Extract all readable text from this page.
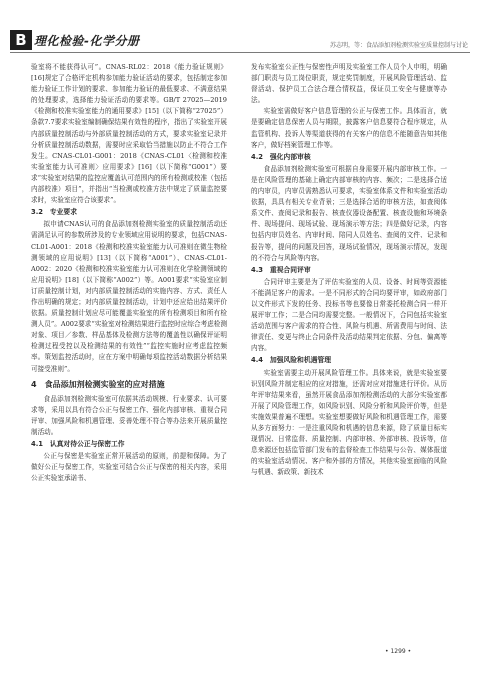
B 理化检验-化学分册	苏志明，等：食品添加剂检测实验室质量控制与讨论

验室将不能获得认可”。CNAS-RL02：2018《能力验证规则》[16]规定了合格评定机构参加能力验证活动的要求，包括制定参加能力验证工作计划的要求、参加能力验证的最低要求、不满意结果的处理要求，选择能力验证活动的要求等。GB/T 27025—2019《检测和校准实验室能力的通用要求》[15]（以下简称“27025”）条款7.7要求实验室编制确保结果有效性的程序，指出了实验室开展内部质量控制活动与外部质量控制活动的方式，要求实验室记录并分析质量控制活动数据，需要时应采取恰当措施以防止不符合工作发生。CNAS-CL01-G001：2018《CNAS-CL01〈检测和校准实验室能力认可准则〉应用要求》[16]（以下简称“G001”）要求“实验室对结果的监控应覆盖认可范围内的所有检测或校准（包括内部校准）项目”，并指出“当检测或校准方法中规定了质量监控要求时，实验室应符合该要求”。

3.2　专业要求

拟申请CNAS认可的食品添加剂检测实验室的质量控制活动还需满足认可的参数所涉及的专业领域应用说明的要求，包括CNAS-CL01-A001：2018《检测和校准实验室能力认可准则在微生物检测领域的应用说明》[13]（以下简称“A001”）、CNAS-CL01-A002：2020《检测和校准实验室能力认可准则在化学检测领域的应用说明》[18]（以下简称“A002”）等。A001要求“实验室应制订质量控制计划，对内部质量控制活动的实施内容、方式、责任人作出明确的规定；对内部质量控制活动，计划中还应给出结果评价依据。质量控制计划应尽可能覆盖实验室的所有检测项目和所有检测人员”。A002要求“实验室对检测结果进行监控时应综合考虑检测对象、项目／参数、样品基体及检测方法等的覆盖性以确保评证明检测过程受控以及检测结果的有效性”“监控实施时应考虑监控频率。策划监控活动时，应在方案中明确每项监控活动数据分析结果可接受准则”。

4　食品添加剂检测实验室的应对措施

食品添加剂检测实验室可依据其活动规模、行业要求、认可要求等，采用以具有符合公正与保密工作、强化内部审核、重视合同评审、加强风险和机遇管理、妥善处理不符合等办法来开展质量控制活动。

4.1　认真对待公正与保密工作

公正与保密是实验室正常开展活动的原则，前提和保障。为了做好公正与保密工作，实验室可结合公正与保密的相关内容，采用公正实验室承诺书、

发布实验室公正性与保密性声明及实验室工作人员个人申明，明确部门职责与员工岗位职责，规定奖罚制度，开展风险管理活动、监督活动、保护员工合法合理合情权益，保证员工安全与健康等办法。

实验室需做好客户信息管理的公正与保密工作。具体而言，就是要确定信息保密人员与期限，披露客户信息要符合程序规定，从监管机构、投诉人等渠道获得的有关客户的信息不能随意告知其他客户，做好档案管理工作等。

4.2　强化内部审核

食品添加剂检测实验室可根据自身需要开展内部审核工作。一是在风险管理的基础上确定内部审核的内容、频次；二是选择合适的内审员，内审员需熟悉认可要求，实验室体系文件和实验室活动依据，具具有相关专业背景；三是选择合适的审核方法，如查阅体系文件、查阅记录和报告、核查仪器设备配置、核查设施和环境条件、现场提问、现场试验、现场演示等方法；四是做好记录，内容包括内审员姓名、内审时间、陪同人员姓名、查阅的文件、记录和报告等，提问的问题及回答，现场试验情况，现场演示情况，发现的不符合与风险等内容。

4.3　重视合同评审

合同评审主要是为了评估实验室的人员、设备、时间等资源能不能满足客户的需求。一是不同形式的合同均要评审，如政府部门以文件形式下发的任务、投标书等也要像日常委托检测合同一样开展评审工作；二是合同均需要完整。一般情况下，合同包括实验室活动范围与客户需求的符合性、风险与机遇、所需费用与时间、法律责任、变更与终止合同条件及活动结果判定依据、分包、偏离等内容。

4.4　加强风险和机遇管理

实验室需要主动开展风险管理工作。具体来说，就是实验室要识别风险并制定相应的应对措施，还需对应对措施进行评价。从历年评审结果来看，虽然开展食品添加剂检测活动的大部分实验室都开展了风险管理工作，如风险识别、风险分析和风险评价等，但是实施效果普遍不理想。实验室想要做好风险和机遇管理工作，需要从多方面努力：一是注重风险和机遇的信息来源，除了质量目标实现情况、日常监督、质量控制、内部审核、外部审核、投诉等，信息来源还包括监管部门发布的监督检查工作结果与公告、媒体报道的实验室活动情况、客户和外部的方情况，其他实验室面临的风险与机遇、新政策、新技术

• 1299 •
